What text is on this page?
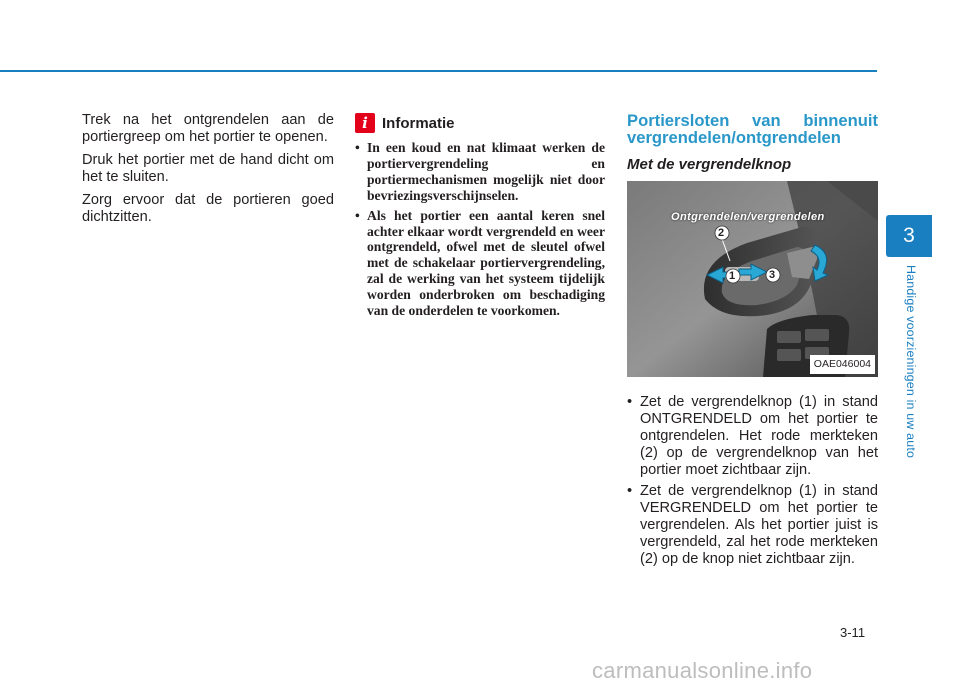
Trek na het ontgrendelen aan de portiergreep om het portier te openen.

Druk het portier met de hand dicht om het te sluiten.

Zorg ervoor dat de portieren goed dichtzitten.

i Informatie
• In een koud en nat klimaat werken de portiervergrendeling en portiermechanismen mogelijk niet door bevriezingsverschijnselen.
• Als het portier een aantal keren snel achter elkaar wordt vergrendeld en weer ontgrendeld, ofwel met de sleutel ofwel met de schakelaar portiervergrendeling, zal de werking van het systeem tijdelijk worden onderbroken om beschadiging van de onderdelen te voorkomen.
Portiersloten van binnenuit vergrendelen/ontgrendelen
Met de vergrendelknop
1
2
3
Ontgrendelen/vergrendelen
OAE046004
• Zet de vergrendelknop (1) in stand ONTGRENDELD om het portier te ontgrendelen. Het rode merkteken (2) op de vergrendelknop van het portier moet zichtbaar zijn.
• Zet de vergrendelknop (1) in stand VERGRENDELD om het portier te vergrendelen. Als het portier juist is vergrendeld, zal het rode merkteken (2) op de knop niet zichtbaar zijn.
3
Handige voorzieningen in uw auto
3-11
carmanualsonline.info
